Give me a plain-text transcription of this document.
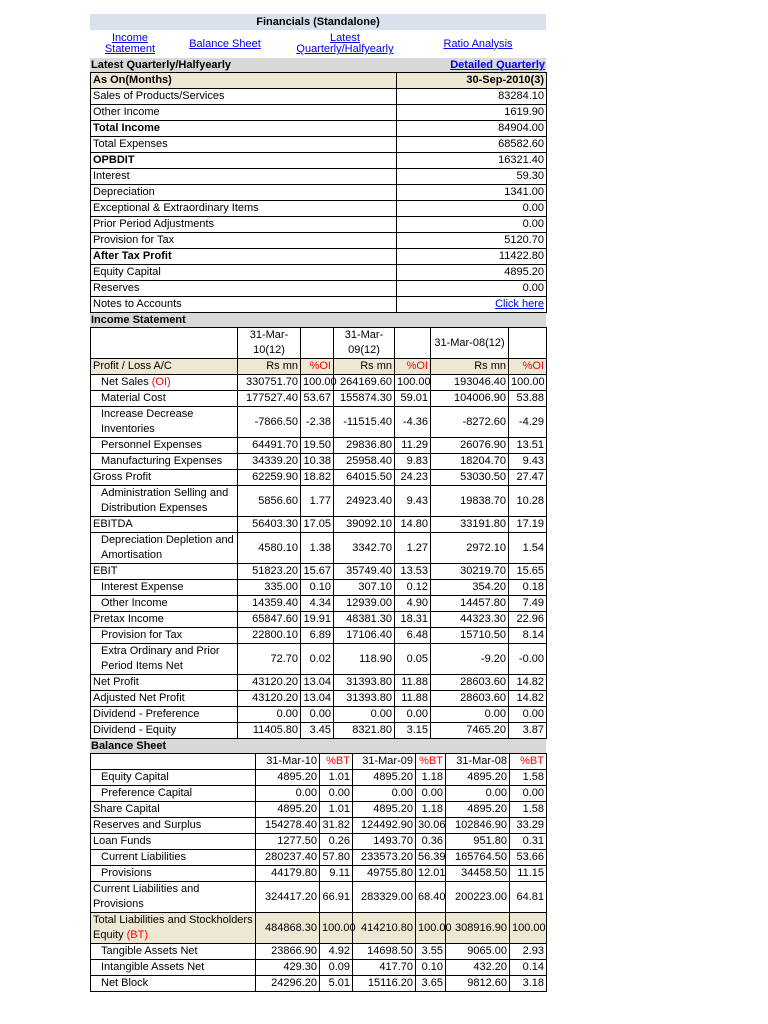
Financials (Standalone)
Income Statement	Balance Sheet	Latest Quarterly/Halfyearly	Ratio Analysis
Latest Quarterly/Halfyearly	Detailed Quarterly
As On(Months)	30-Sep-2010(3)
Sales of Products/Services	83284.10
Other Income	1619.90
Total Income	84904.00
Total Expenses	68582.60
OPBDIT	16321.40
Interest	59.30
Depreciation	1341.00
Exceptional & Extraordinary Items	0.00
Prior Period Adjustments	0.00
Provision for Tax	5120.70
After Tax Profit	11422.80
Equity Capital	4895.20
Reserves	0.00
Notes to Accounts	Click here
Income Statement
	31-Mar-10(12)		31-Mar-09(12)		31-Mar-08(12)	
Profit / Loss A/C	Rs mn	%OI	Rs mn	%OI	Rs mn	%OI
Net Sales (OI)	330751.70	100.00	264169.60	100.00	193046.40	100.00
Material Cost	177527.40	53.67	155874.30	59.01	104006.90	53.88
Increase Decrease Inventories	-7866.50	-2.38	-11515.40	-4.36	-8272.60	-4.29
Personnel Expenses	64491.70	19.50	29836.80	11.29	26076.90	13.51
Manufacturing Expenses	34339.20	10.38	25958.40	9.83	18204.70	9.43
Gross Profit	62259.90	18.82	64015.50	24.23	53030.50	27.47
Administration Selling and Distribution Expenses	5856.60	1.77	24923.40	9.43	19838.70	10.28
EBITDA	56403.30	17.05	39092.10	14.80	33191.80	17.19
Depreciation Depletion and Amortisation	4580.10	1.38	3342.70	1.27	2972.10	1.54
EBIT	51823.20	15.67	35749.40	13.53	30219.70	15.65
Interest Expense	335.00	0.10	307.10	0.12	354.20	0.18
Other Income	14359.40	4.34	12939.00	4.90	14457.80	7.49
Pretax Income	65847.60	19.91	48381.30	18.31	44323.30	22.96
Provision for Tax	22800.10	6.89	17106.40	6.48	15710.50	8.14
Extra Ordinary and Prior Period Items Net	72.70	0.02	118.90	0.05	-9.20	-0.00
Net Profit	43120.20	13.04	31393.80	11.88	28603.60	14.82
Adjusted Net Profit	43120.20	13.04	31393.80	11.88	28603.60	14.82
Dividend - Preference	0.00	0.00	0.00	0.00	0.00	0.00
Dividend - Equity	11405.80	3.45	8321.80	3.15	7465.20	3.87
Balance Sheet
	31-Mar-10	%BT	31-Mar-09	%BT	31-Mar-08	%BT
Equity Capital	4895.20	1.01	4895.20	1.18	4895.20	1.58
Preference Capital	0.00	0.00	0.00	0.00	0.00	0.00
Share Capital	4895.20	1.01	4895.20	1.18	4895.20	1.58
Reserves and Surplus	154278.40	31.82	124492.90	30.06	102846.90	33.29
Loan Funds	1277.50	0.26	1493.70	0.36	951.80	0.31
Current Liabilities	280237.40	57.80	233573.20	56.39	165764.50	53.66
Provisions	44179.80	9.11	49755.80	12.01	34458.50	11.15
Current Liabilities and Provisions	324417.20	66.91	283329.00	68.40	200223.00	64.81
Total Liabilities and Stockholders Equity (BT)	484868.30	100.00	414210.80	100.00	308916.90	100.00
Tangible Assets Net	23866.90	4.92	14698.50	3.55	9065.00	2.93
Intangible Assets Net	429.30	0.09	417.70	0.10	432.20	0.14
Net Block	24296.20	5.01	15116.20	3.65	9812.60	3.18
